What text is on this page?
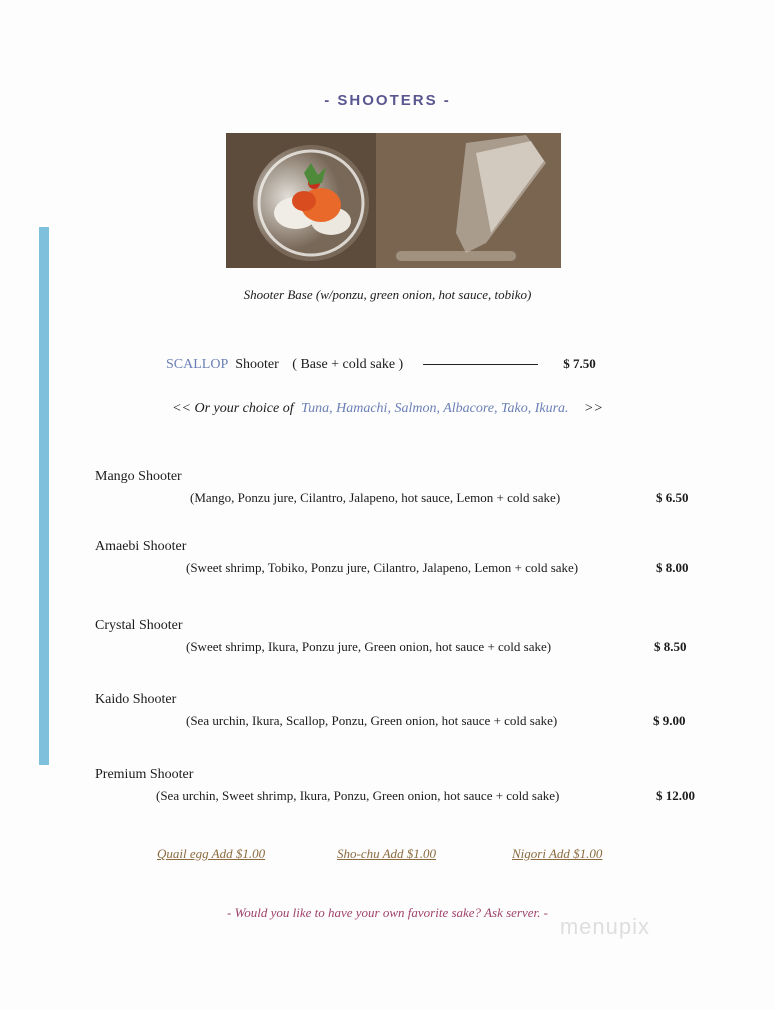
- SHOOTERS -
Shooter Base (w/ponzu, green onion, hot sauce, tobiko)
SCALLOP Shooter ( Base + cold sake )	$ 7.50
<< Or your choice of Tuna, Hamachi, Salmon, Albacore, Tako, Ikura. >>
Mango Shooter
(Mango, Ponzu jure, Cilantro, Jalapeno, hot sauce, Lemon + cold sake)	$ 6.50
Amaebi Shooter
(Sweet shrimp, Tobiko, Ponzu jure, Cilantro, Jalapeno, Lemon + cold sake)	$ 8.00
Crystal Shooter
(Sweet shrimp, Ikura, Ponzu jure, Green onion, hot sauce + cold sake)	$ 8.50
Kaido Shooter
(Sea urchin, Ikura, Scallop, Ponzu, Green onion, hot sauce + cold sake)	$ 9.00
Premium Shooter
(Sea urchin, Sweet shrimp, Ikura, Ponzu, Green onion, hot sauce + cold sake)	$ 12.00
Quail egg Add $1.00	Sho-chu Add $1.00	Nigori Add $1.00
- Would you like to have your own favorite sake? Ask server. -
menupix
